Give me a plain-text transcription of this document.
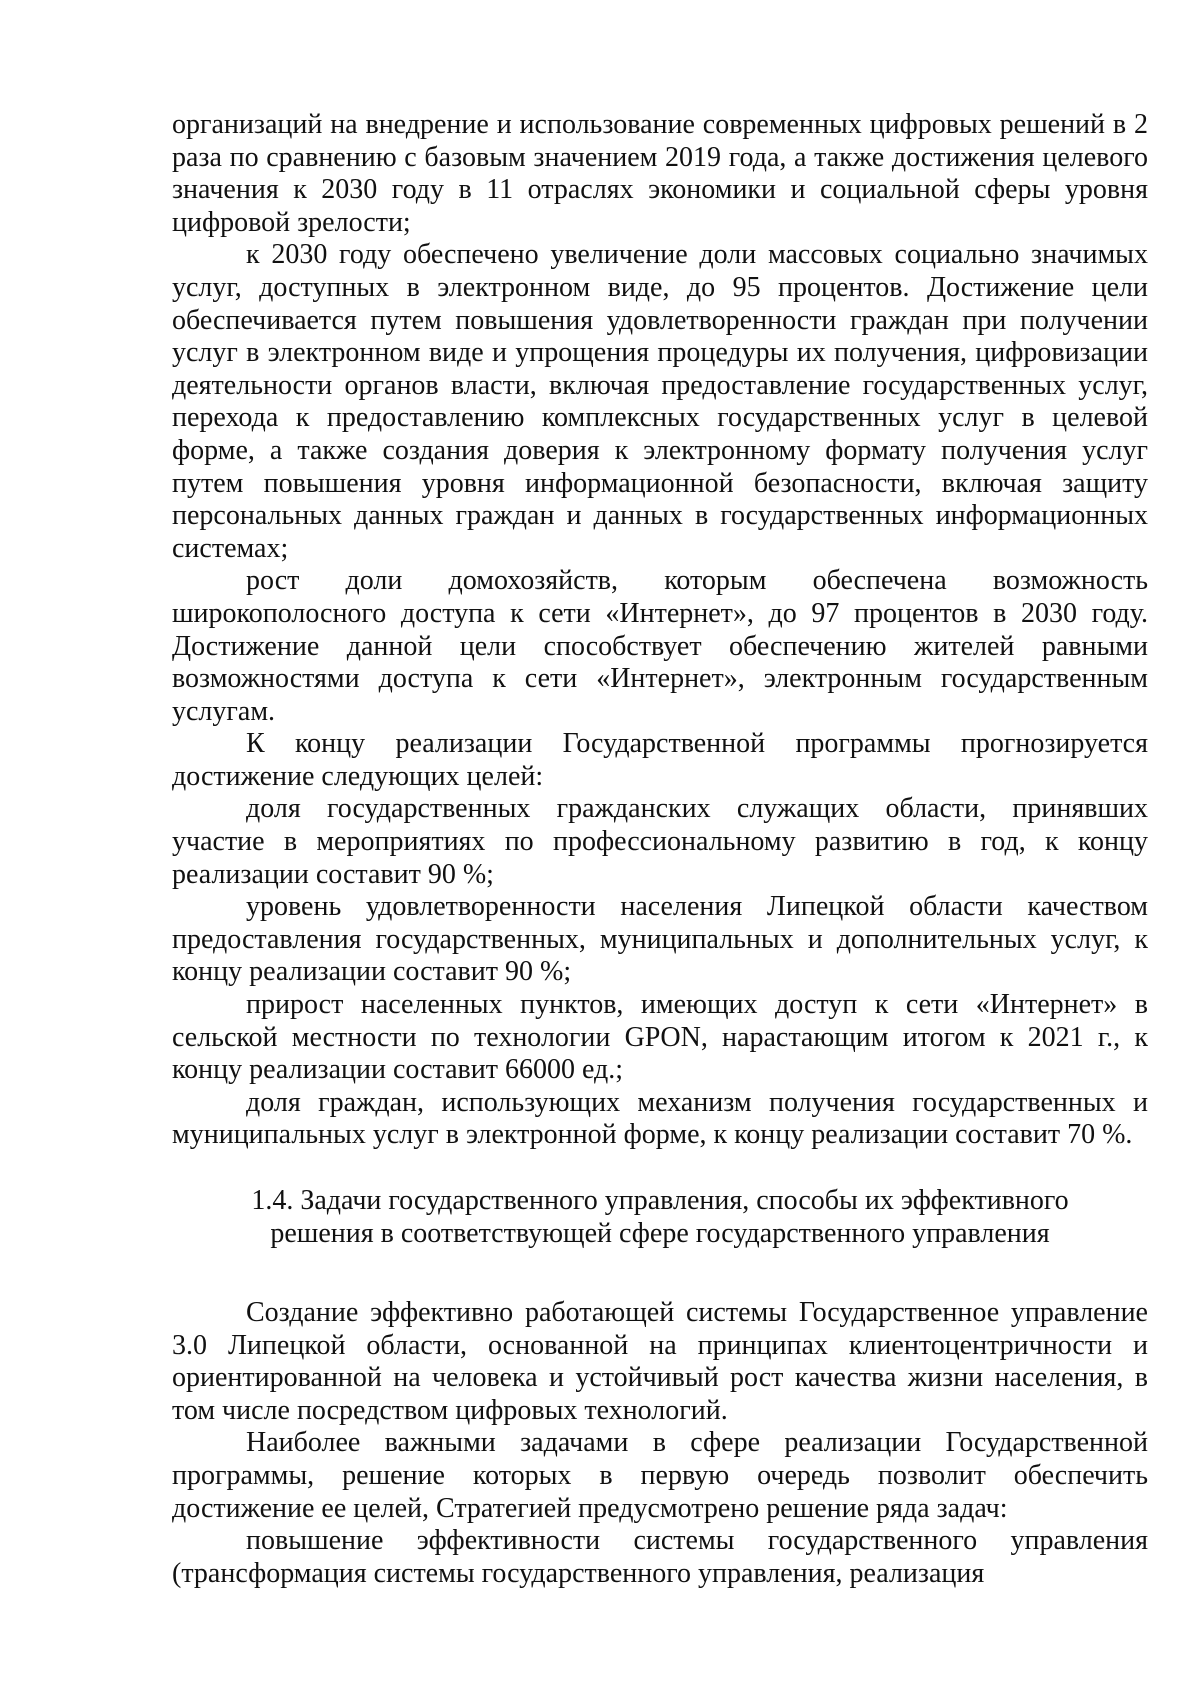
организаций на внедрение и использование современных цифровых решений в 2 раза по сравнению с базовым значением 2019 года, а также достижения целевого значения к 2030 году в 11 отраслях экономики и социальной сферы уровня цифровой зрелости;

к 2030 году обеспечено увеличение доли массовых социально значимых услуг, доступных в электронном виде, до 95 процентов. Достижение цели обеспечивается путем повышения удовлетворенности граждан при получении услуг в электронном виде и упрощения процедуры их получения, цифровизации деятельности органов власти, включая предоставление государственных услуг, перехода к предоставлению комплексных государственных услуг в целевой форме, а также создания доверия к электронному формату получения услуг путем повышения уровня информационной безопасности, включая защиту персональных данных граждан и данных в государственных информационных системах;

рост доли домохозяйств, которым обеспечена возможность широкополосного доступа к сети «Интернет», до 97 процентов в 2030 году. Достижение данной цели способствует обеспечению жителей равными возможностями доступа к сети «Интернет», электронным государственным услугам.

К концу реализации Государственной программы прогнозируется достижение следующих целей:

доля государственных гражданских служащих области, принявших участие в мероприятиях по профессиональному развитию в год, к концу реализации составит 90 %;

уровень удовлетворенности населения Липецкой области качеством предоставления государственных, муниципальных и дополнительных услуг, к концу реализации составит 90 %;

прирост населенных пунктов, имеющих доступ к сети «Интернет» в сельской местности по технологии GPON, нарастающим итогом к 2021 г., к концу реализации составит 66000 ед.;

доля граждан, использующих механизм получения государственных и муниципальных услуг в электронной форме, к концу реализации составит 70 %.

1.4. Задачи государственного управления, способы их эффективного решения в соответствующей сфере государственного управления

Создание эффективно работающей системы Государственное управление 3.0 Липецкой области, основанной на принципах клиентоцентричности и ориентированной на человека и устойчивый рост качества жизни населения, в том числе посредством цифровых технологий.

Наиболее важными задачами в сфере реализации Государственной программы, решение которых в первую очередь позволит обеспечить достижение ее целей, Стратегией предусмотрено решение ряда задач:

повышение эффективности системы государственного управления (трансформация системы государственного управления, реализация
